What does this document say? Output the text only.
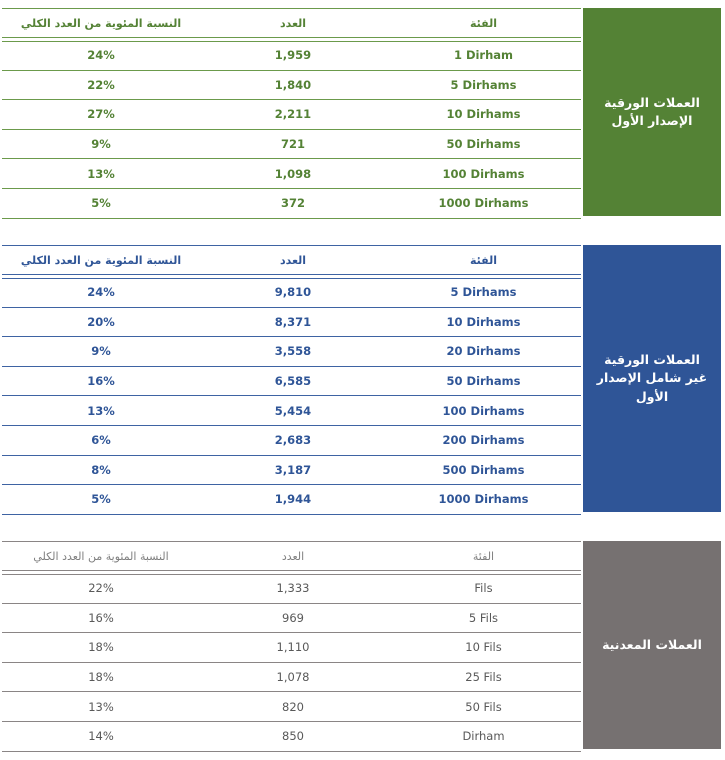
العملات الورقية
الإصدار الأول
النسبة المئوية من العدد الكلي	العدد	الفئة
24%	1,959	1 Dirham
22%	1,840	5 Dirhams
27%	2,211	10 Dirhams
9%	721	50 Dirhams
13%	1,098	100 Dirhams
5%	372	1000 Dirhams
العملات الورقية
غير شامل الإصدار الأول
النسبة المئوية من العدد الكلي	العدد	الفئة
24%	9,810	5 Dirhams
20%	8,371	10 Dirhams
9%	3,558	20 Dirhams
16%	6,585	50 Dirhams
13%	5,454	100 Dirhams
6%	2,683	200 Dirhams
8%	3,187	500 Dirhams
5%	1,944	1000 Dirhams
العملات المعدنية
النسبة المئوية من العدد الكلي	العدد	الفئة
22%	1,333	Fils
16%	969	5 Fils
18%	1,110	10 Fils
18%	1,078	25 Fils
13%	820	50 Fils
14%	850	Dirham
